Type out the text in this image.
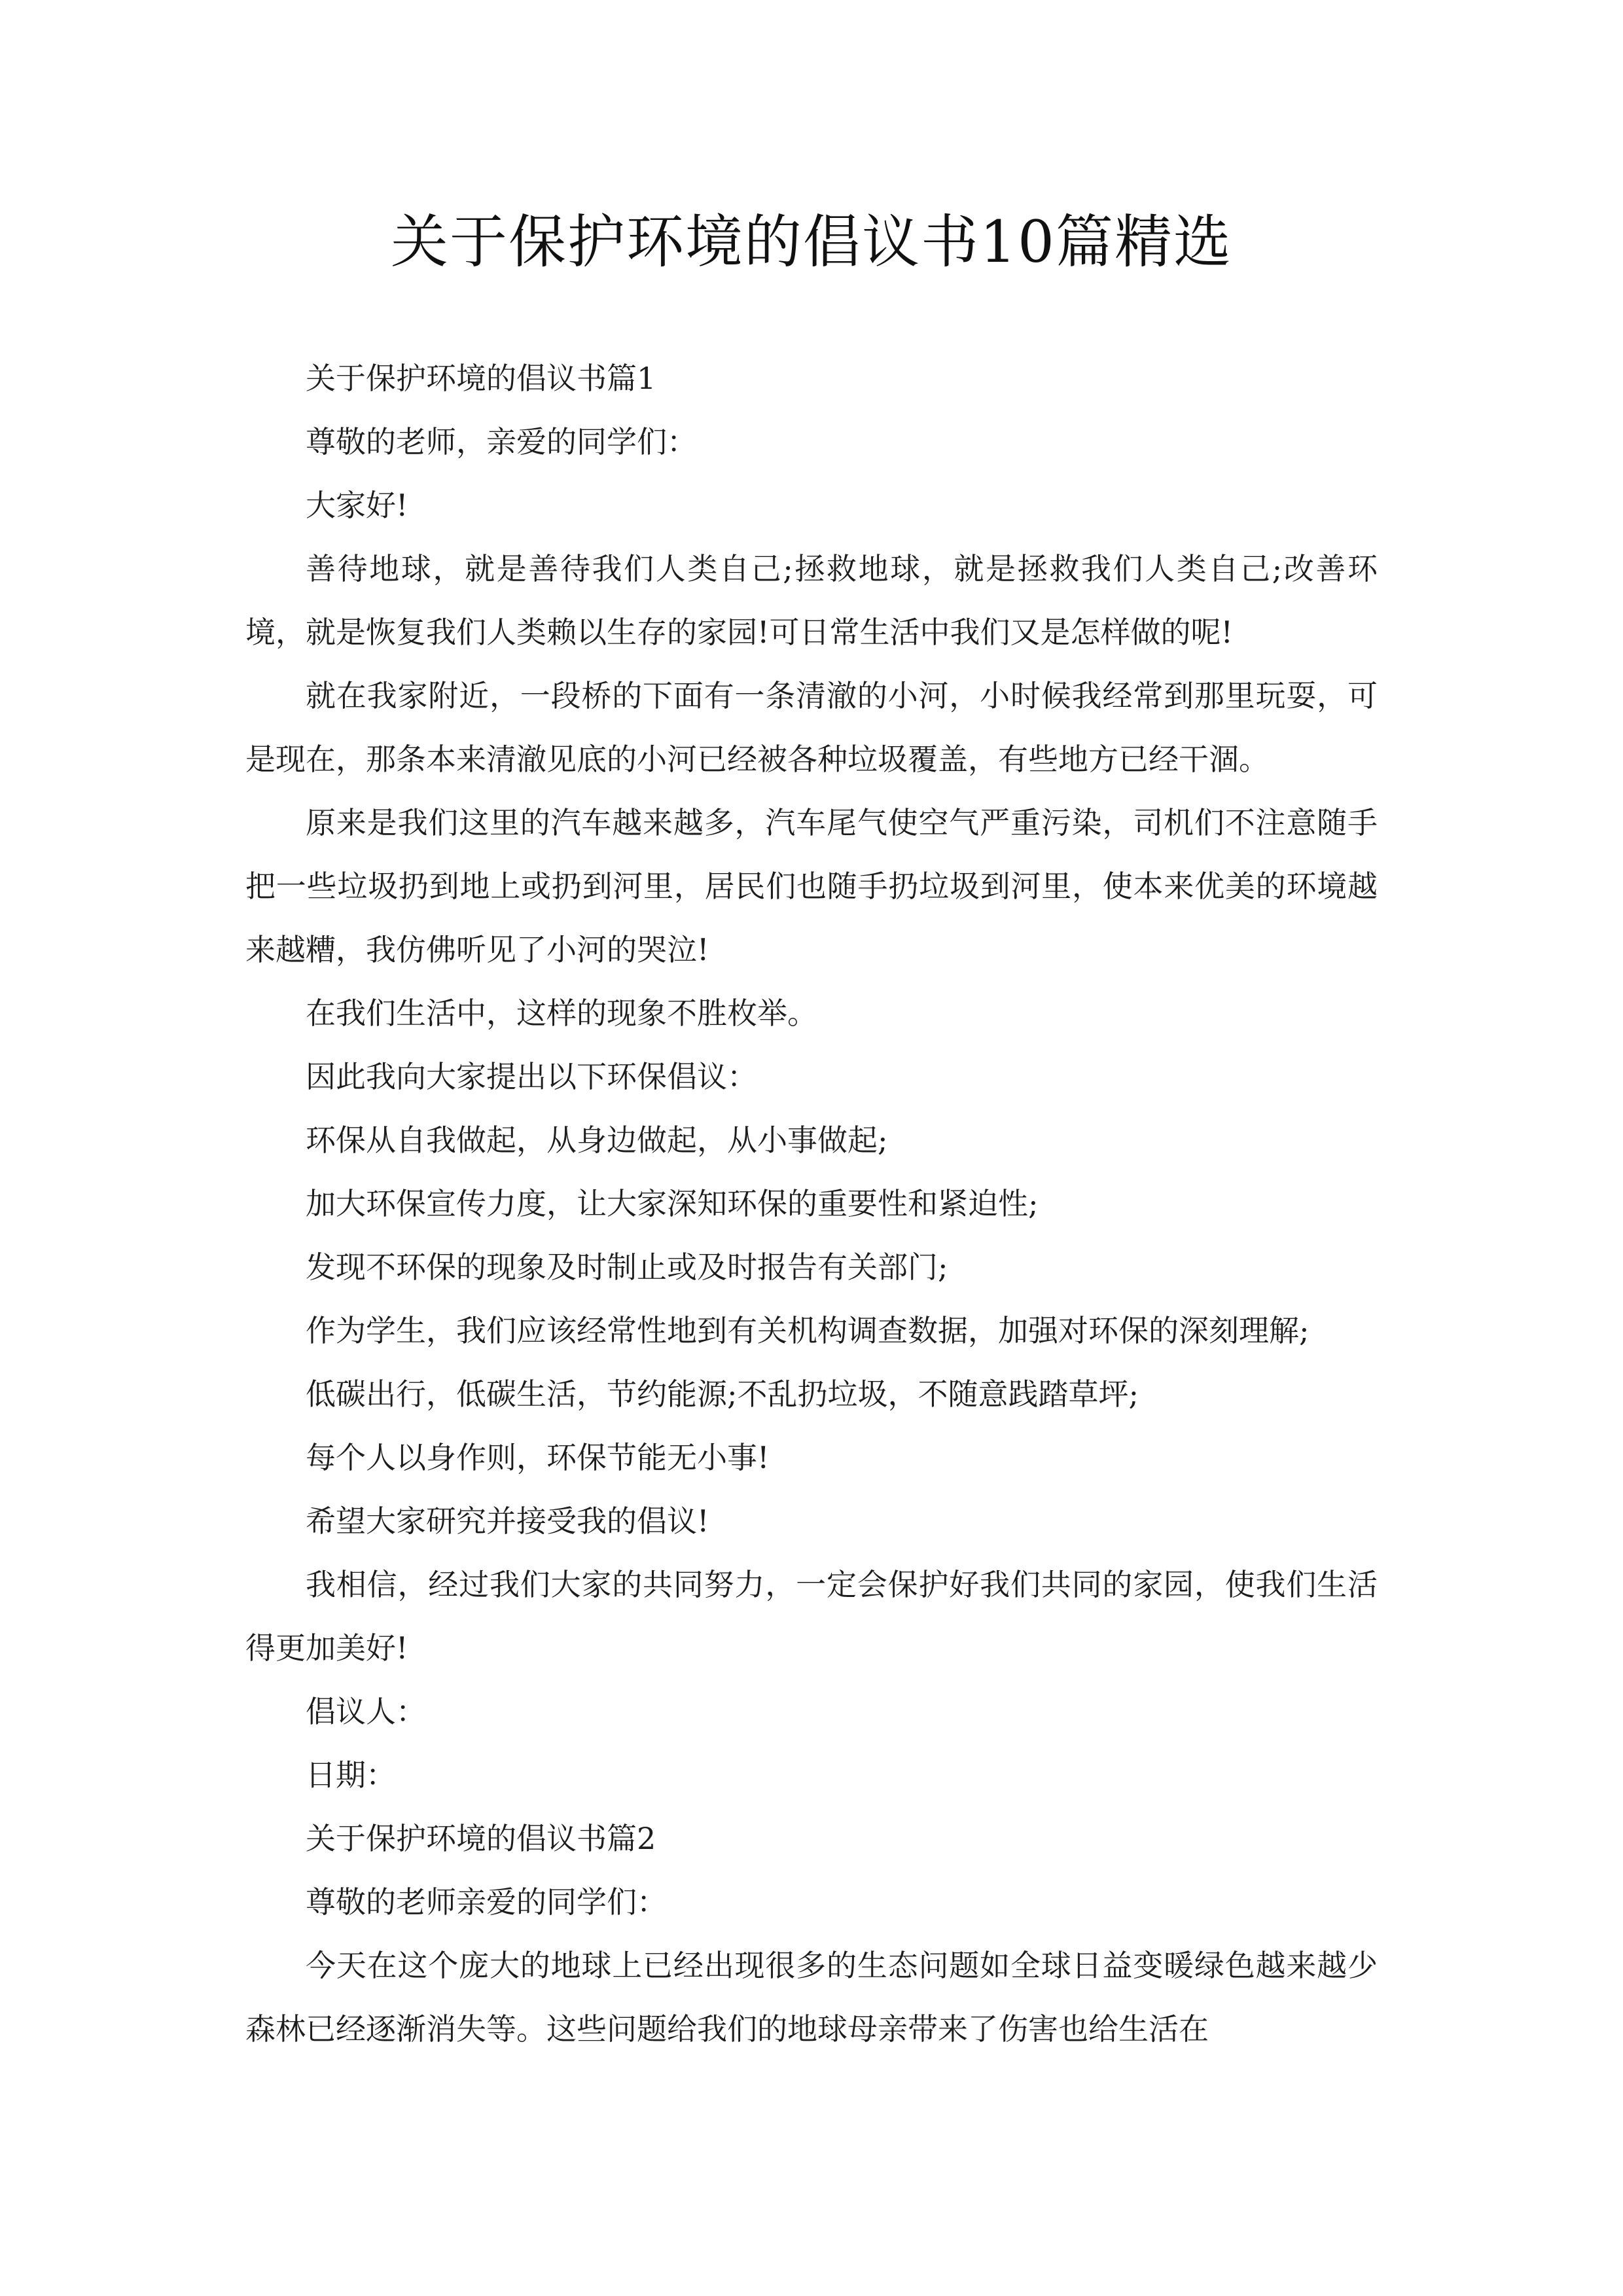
关于保护环境的倡议书10篇精选

关于保护环境的倡议书篇1

尊敬的老师，亲爱的同学们：

大家好!

善待地球，就是善待我们人类自己;拯救地球，就是拯救我们人类自己;改善环境，就是恢复我们人类赖以生存的家园!可日常生活中我们又是怎样做的呢!

就在我家附近，一段桥的下面有一条清澈的小河，小时候我经常到那里玩耍，可是现在，那条本来清澈见底的小河已经被各种垃圾覆盖，有些地方已经干涸。

原来是我们这里的汽车越来越多，汽车尾气使空气严重污染，司机们不注意随手把一些垃圾扔到地上或扔到河里，居民们也随手扔垃圾到河里，使本来优美的环境越来越糟，我仿佛听见了小河的哭泣!

在我们生活中，这样的现象不胜枚举。

因此我向大家提出以下环保倡议：

环保从自我做起，从身边做起，从小事做起;

加大环保宣传力度，让大家深知环保的重要性和紧迫性;

发现不环保的现象及时制止或及时报告有关部门;

作为学生，我们应该经常性地到有关机构调查数据，加强对环保的深刻理解;

低碳出行，低碳生活，节约能源;不乱扔垃圾，不随意践踏草坪;

每个人以身作则，环保节能无小事!

希望大家研究并接受我的倡议!

我相信，经过我们大家的共同努力，一定会保护好我们共同的家园，使我们生活得更加美好!

倡议人：

日期：

关于保护环境的倡议书篇2

尊敬的老师亲爱的同学们：

今天在这个庞大的地球上已经出现很多的生态问题如全球日益变暖绿色越来越少森林已经逐渐消失等。这些问题给我们的地球母亲带来了伤害也给生活在
